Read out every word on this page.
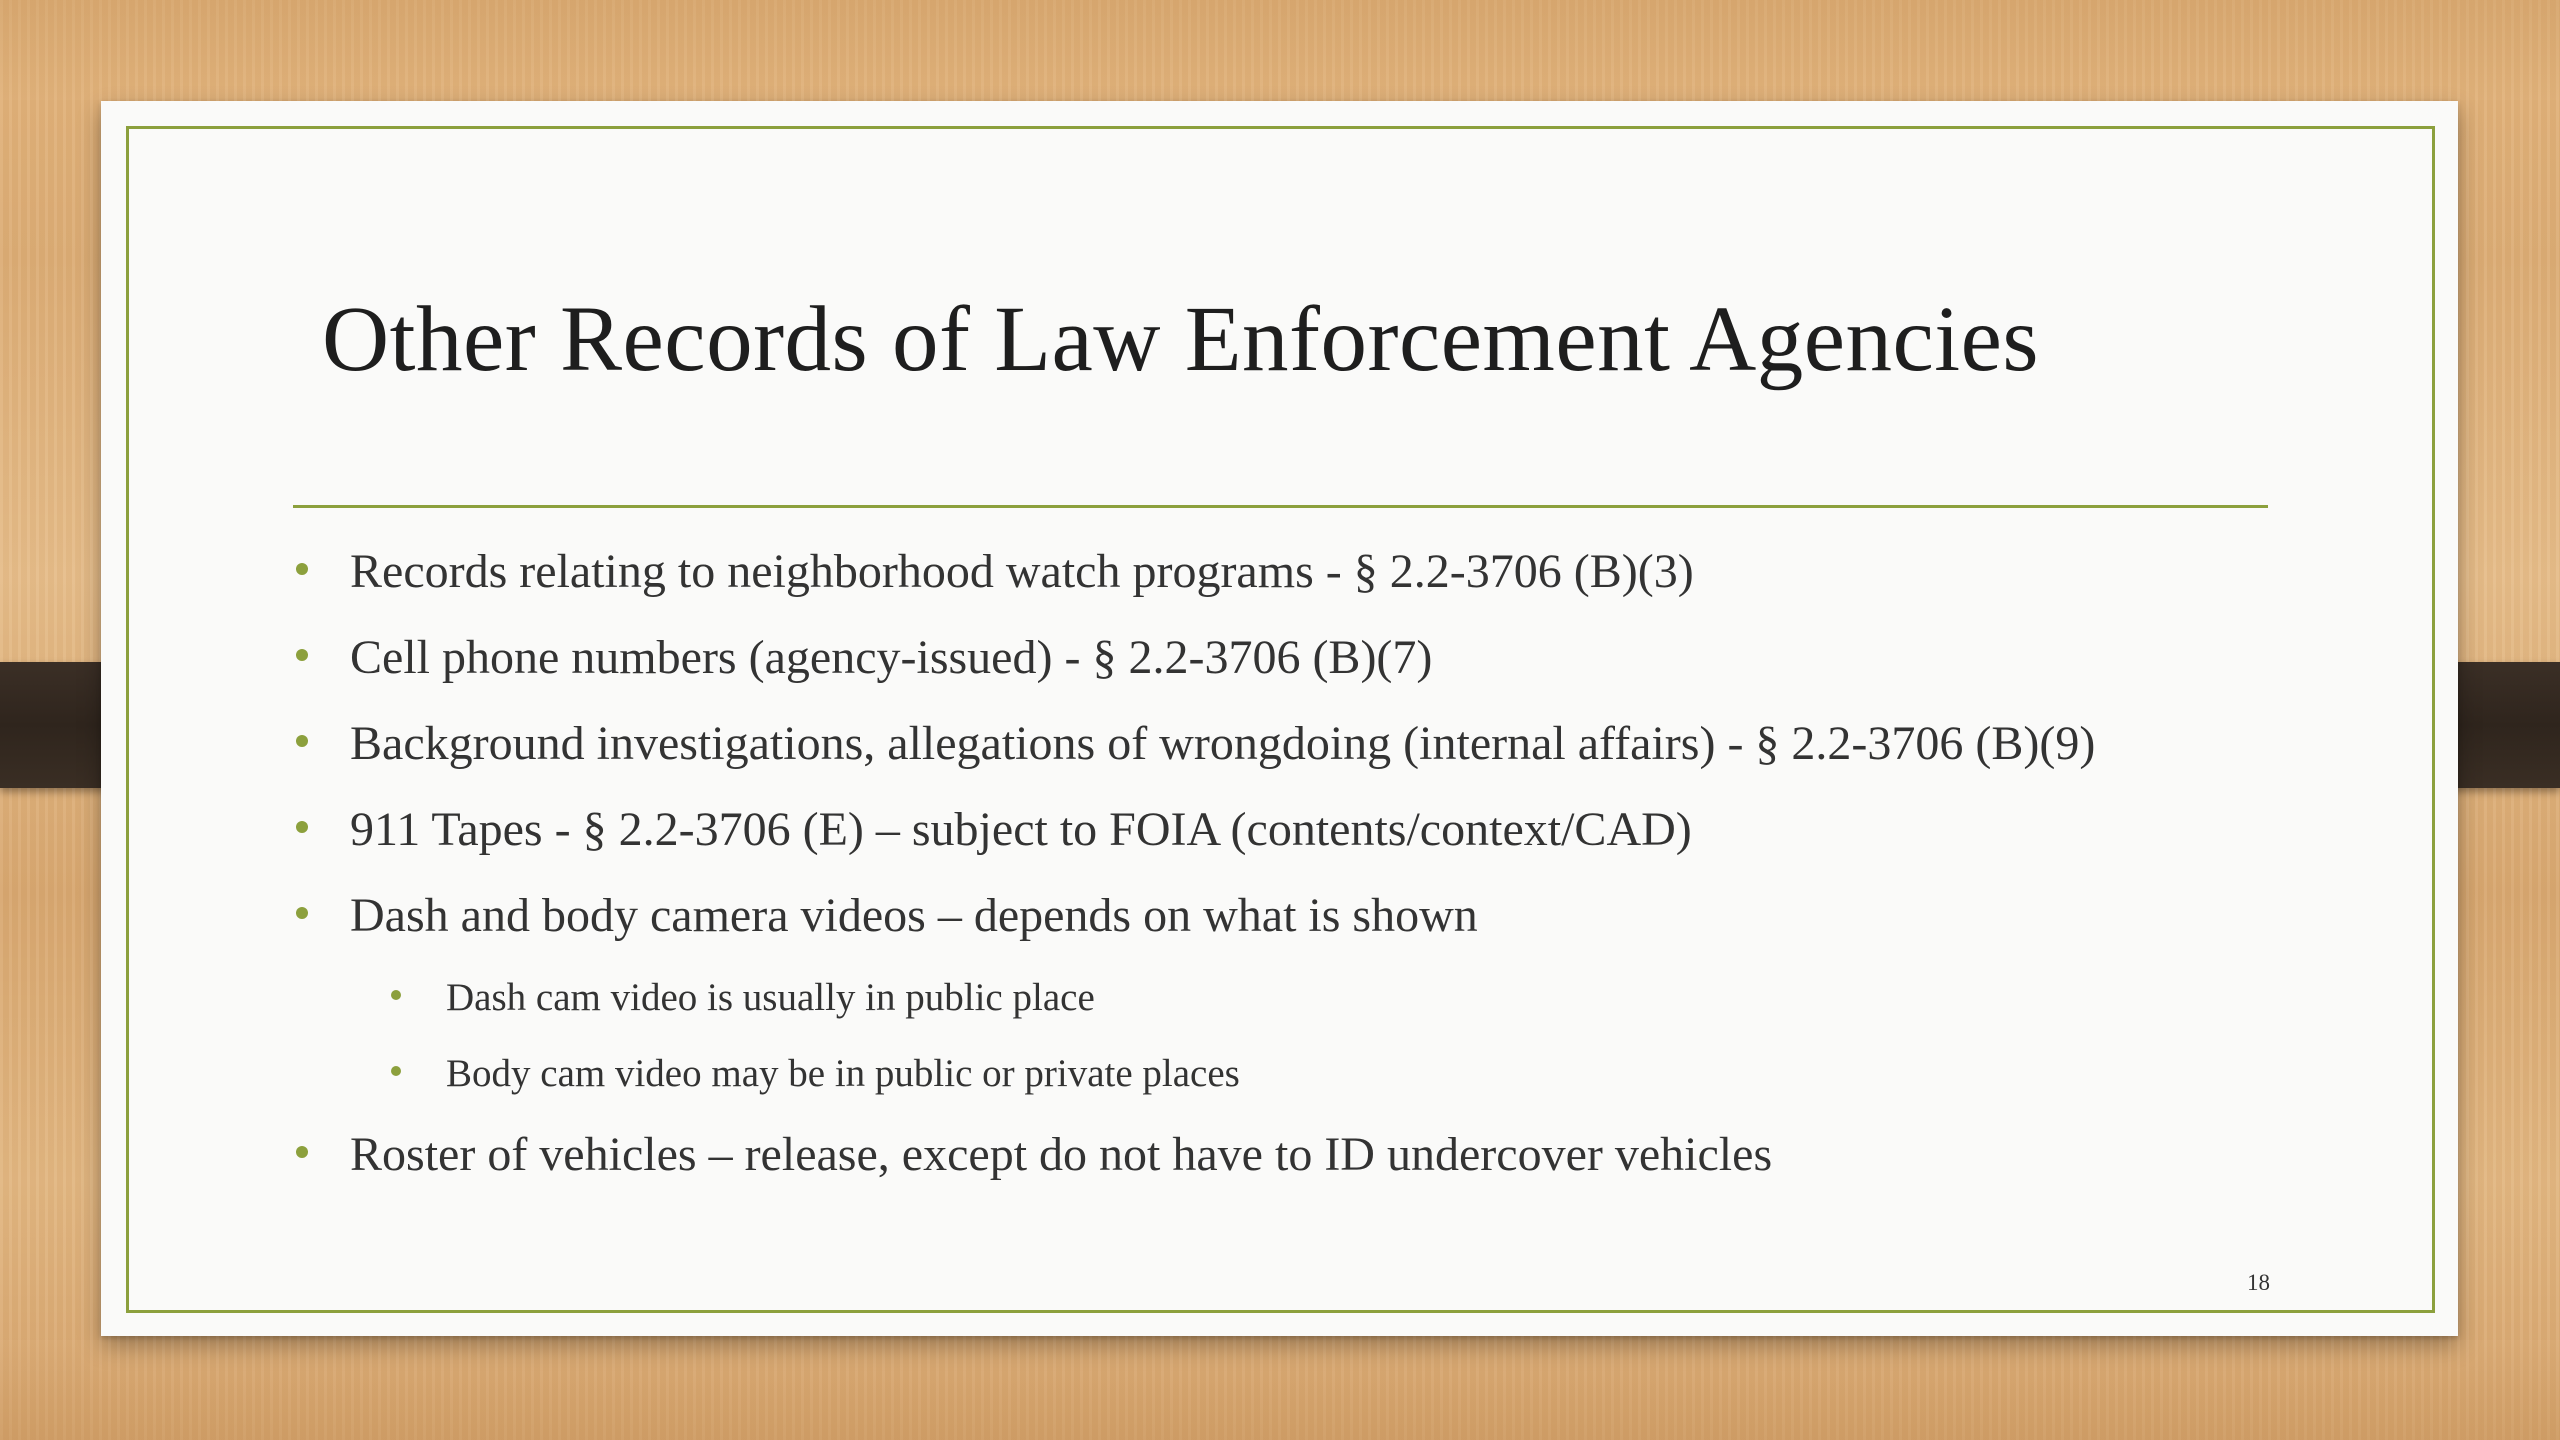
Other Records of Law Enforcement Agencies
Records relating to neighborhood watch programs - § 2.2-3706 (B)(3)
Cell phone numbers (agency-issued) - § 2.2-3706 (B)(7)
Background investigations, allegations of wrongdoing (internal affairs) - § 2.2-3706 (B)(9)
911 Tapes - § 2.2-3706 (E) – subject to FOIA (contents/context/CAD)
Dash and body camera videos – depends on what is shown
Dash cam video is usually in public place
Body cam video may be in public or private places
Roster of vehicles – release, except do not have to ID undercover vehicles
18
